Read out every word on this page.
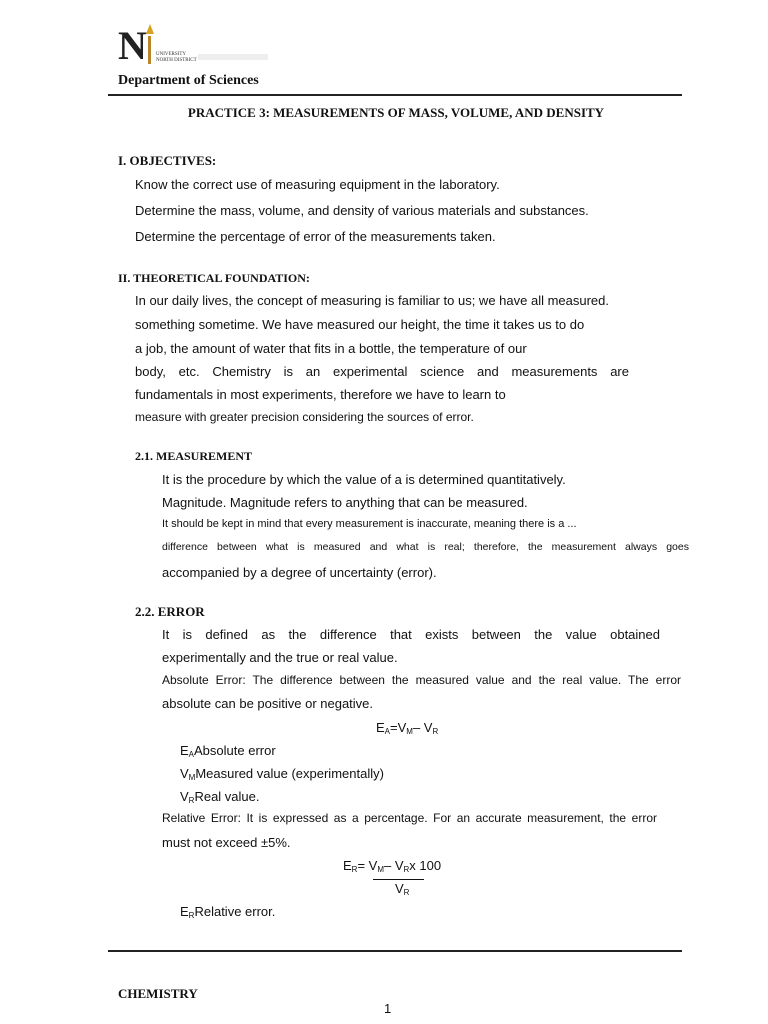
N UNIVERSITY
NORTH DISTRICT
Department of Sciences
PRACTICE 3: MEASUREMENTS OF MASS, VOLUME, AND DENSITY
I. OBJECTIVES:
Know the correct use of measuring equipment in the laboratory.
Determine the mass, volume, and density of various materials and substances.
Determine the percentage of error of the measurements taken.
II. THEORETICAL FOUNDATION:
In our daily lives, the concept of measuring is familiar to us; we have all measured.
something sometime. We have measured our height, the time it takes us to do
a job, the amount of water that fits in a bottle, the temperature of our
body, etc. Chemistry is an experimental science and measurements are
fundamentals in most experiments, therefore we have to learn to
measure with greater precision considering the sources of error.
2.1. MEASUREMENT
It is the procedure by which the value of a is determined quantitatively.
Magnitude. Magnitude refers to anything that can be measured.
It should be kept in mind that every measurement is inaccurate, meaning there is a ...
difference between what is measured and what is real; therefore, the measurement always goes
accompanied by a degree of uncertainty (error).
2.2. ERROR
It is defined as the difference that exists between the value obtained
experimentally and the true or real value.
Absolute Error: The difference between the measured value and the real value. The error
absolute can be positive or negative.
$E_A=V_M-$ $V_R$
$E_AAbsolute$ error
$V_MMeasured$ value (experimentally)
$V_RReal$ value.
Relative Error: It is expressed as a percentage. For an accurate measurement, the error
must not exceed ±5%.
$E_R= V_M-$ $V_Rx$ 100
$V_R$
$E_RRelative$ error.
CHEMISTRY
1
